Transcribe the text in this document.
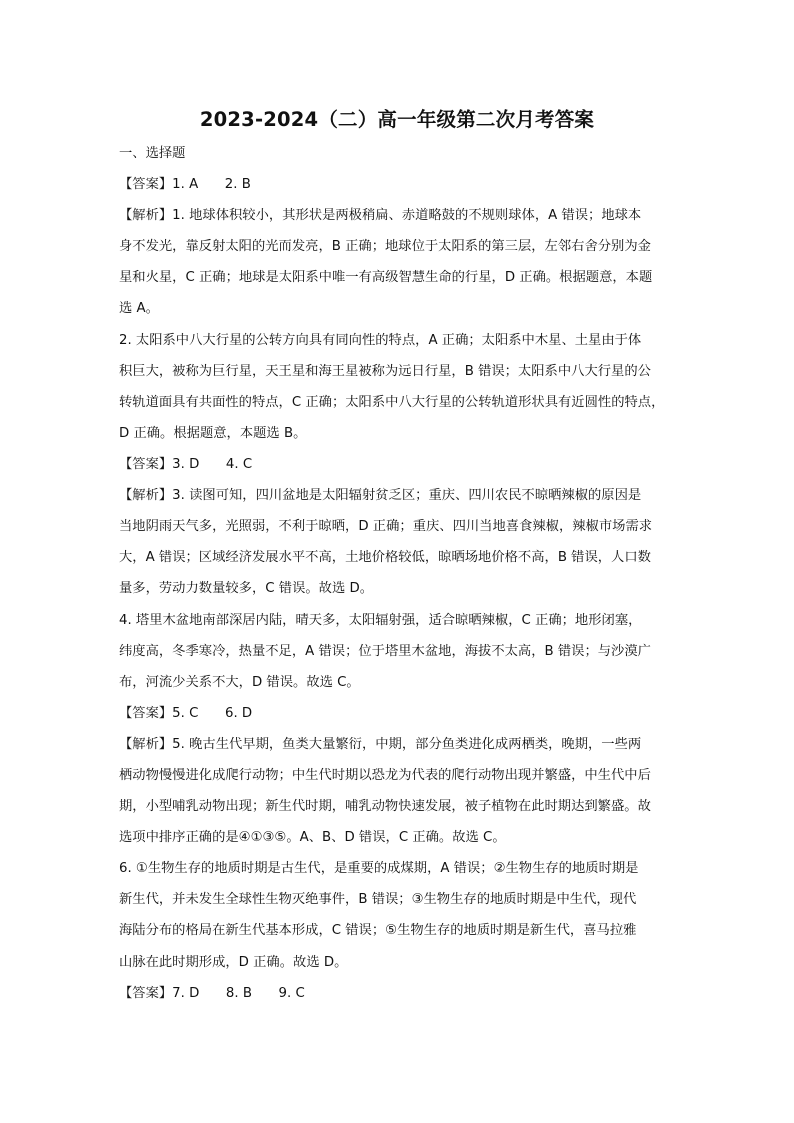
2023-2024（二）高一年级第二次月考答案
一、选择题
【答案】1. A　　2. B
【解析】1. 地球体积较小，其形状是两极稍扁、赤道略鼓的不规则球体，A 错误；地球本
身不发光，靠反射太阳的光而发亮，B 正确；地球位于太阳系的第三层，左邻右舍分别为金
星和火星，C 正确；地球是太阳系中唯一有高级智慧生命的行星，D 正确。根据题意，本题
选 A。
2. 太阳系中八大行星的公转方向具有同向性的特点，A 正确；太阳系中木星、土星由于体
积巨大，被称为巨行星，天王星和海王星被称为远日行星，B 错误；太阳系中八大行星的公
转轨道面具有共面性的特点，C 正确；太阳系中八大行星的公转轨道形状具有近圆性的特点，
D 正确。根据题意，本题选 B。
【答案】3. D　　4. C
【解析】3. 读图可知，四川盆地是太阳辐射贫乏区；重庆、四川农民不晾晒辣椒的原因是
当地阴雨天气多，光照弱，不利于晾晒，D 正确；重庆、四川当地喜食辣椒，辣椒市场需求
大，A 错误；区域经济发展水平不高，土地价格较低，晾晒场地价格不高，B 错误，人口数
量多，劳动力数量较多，C 错误。故选 D。
4. 塔里木盆地南部深居内陆，晴天多，太阳辐射强，适合晾晒辣椒，C 正确；地形闭塞，
纬度高，冬季寒冷，热量不足，A 错误；位于塔里木盆地，海拔不太高，B 错误；与沙漠广
布，河流少关系不大，D 错误。故选 C。
【答案】5. C　　6. D
【解析】5. 晚古生代早期，鱼类大量繁衍，中期，部分鱼类进化成两栖类，晚期，一些两
栖动物慢慢进化成爬行动物；中生代时期以恐龙为代表的爬行动物出现并繁盛，中生代中后
期，小型哺乳动物出现；新生代时期，哺乳动物快速发展，被子植物在此时期达到繁盛。故
选项中排序正确的是④①③⑤。A、B、D 错误，C 正确。故选 C。
6. ①生物生存的地质时期是古生代，是重要的成煤期，A 错误；②生物生存的地质时期是
新生代，并未发生全球性生物灭绝事件，B 错误；③生物生存的地质时期是中生代，现代
海陆分布的格局在新生代基本形成，C 错误；⑤生物生存的地质时期是新生代，喜马拉雅
山脉在此时期形成，D 正确。故选 D。
【答案】7. D　　8. B　　9. C
